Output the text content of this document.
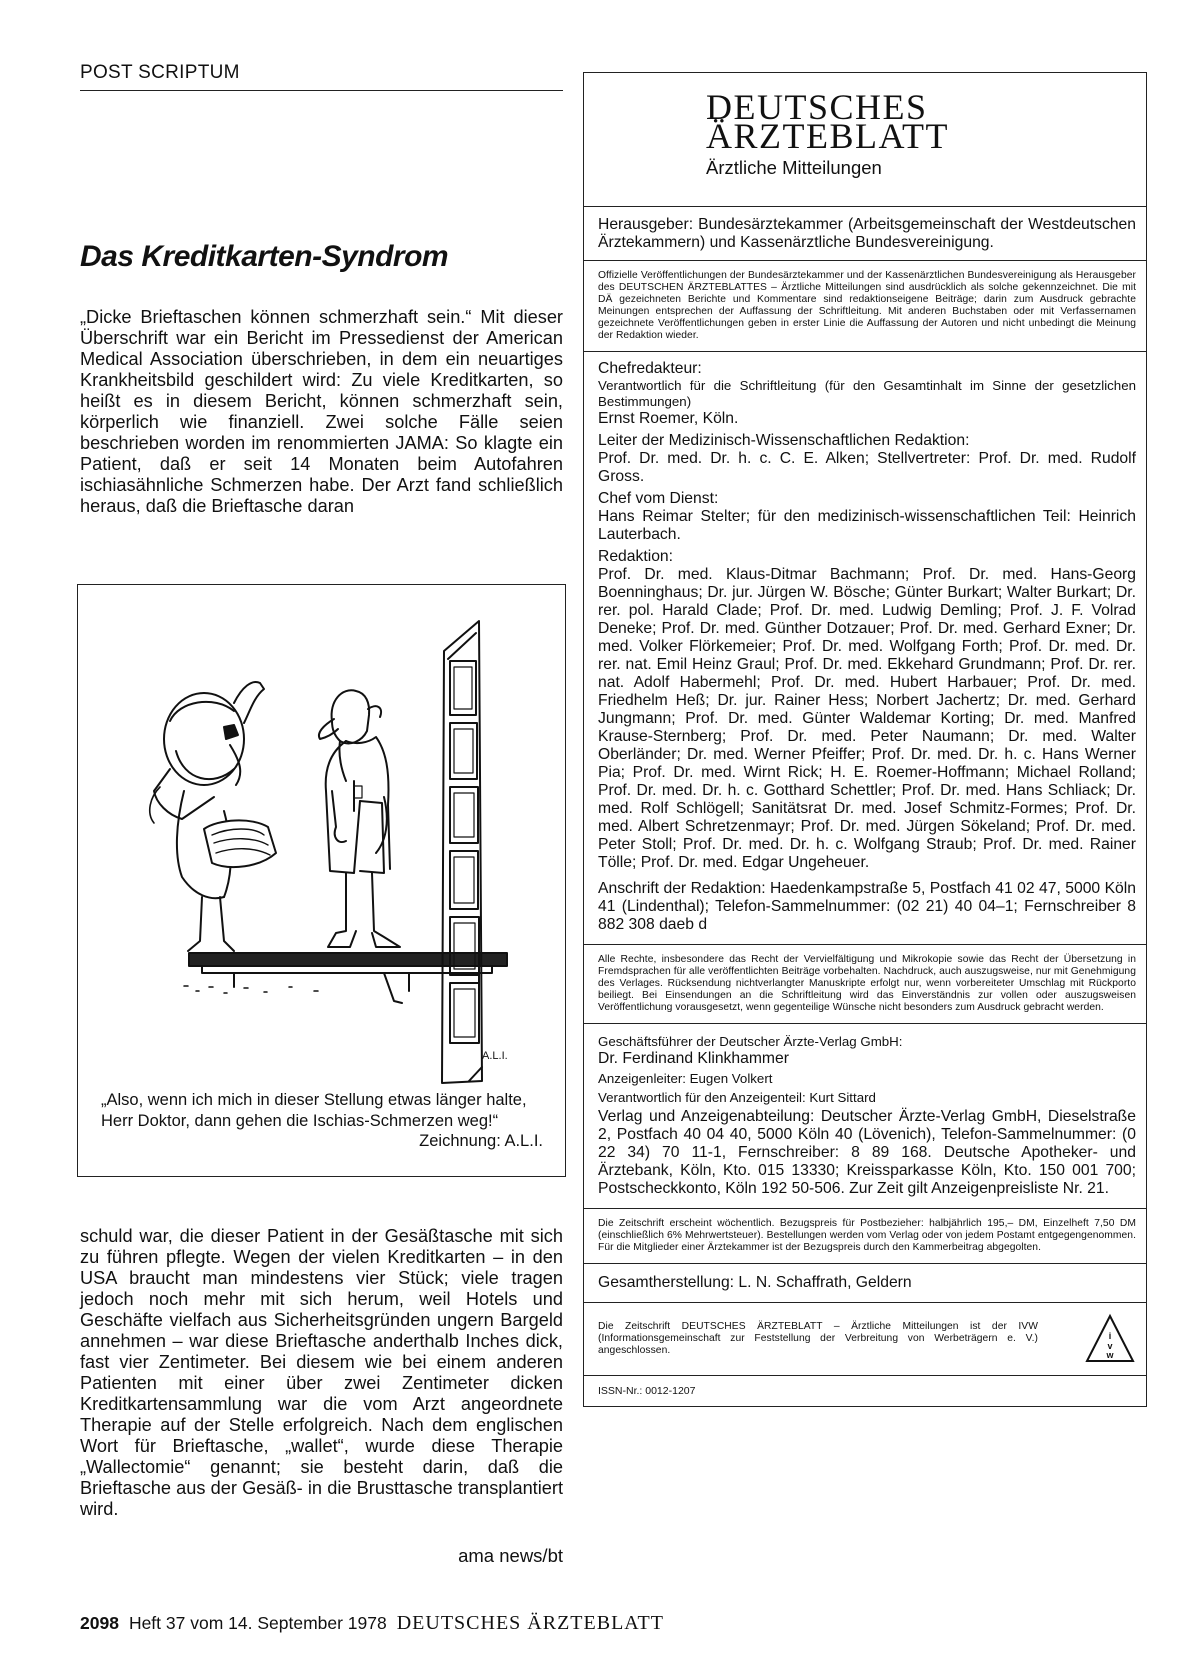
POST SCRIPTUM
Das Kreditkarten-Syndrom
„Dicke Brieftaschen können schmerzhaft sein.“ Mit dieser Überschrift war ein Bericht im Pressedienst der American Medical Association überschrieben, in dem ein neuartiges Krankheitsbild geschildert wird: Zu viele Kreditkarten, so heißt es in diesem Bericht, können schmerzhaft sein, körperlich wie finanziell. Zwei solche Fälle seien beschrieben worden im renommierten JAMA: So klagte ein Patient, daß er seit 14 Monaten beim Autofahren ischiasähnliche Schmerzen habe. Der Arzt fand schließlich heraus, daß die Brieftasche daran
A.L.I.
„Also, wenn ich mich in dieser Stellung etwas länger halte, Herr Doktor, dann gehen die Ischias-Schmerzen weg!“
Zeichnung: A.L.I.
schuld war, die dieser Patient in der Gesäßtasche mit sich zu führen pflegte. Wegen der vielen Kreditkarten – in den USA braucht man mindestens vier Stück; viele tragen jedoch noch mehr mit sich herum, weil Hotels und Geschäfte vielfach aus Sicherheitsgründen ungern Bargeld annehmen – war diese Brieftasche anderthalb Inches dick, fast vier Zentimeter. Bei diesem wie bei einem anderen Patienten mit einer über zwei Zentimeter dicken Kreditkartensammlung war die vom Arzt angeordnete Therapie auf der Stelle erfolgreich. Nach dem englischen Wort für Brieftasche, „wallet“, wurde diese Therapie „Wallectomie“ genannt; sie besteht darin, daß die Brieftasche aus der Gesäß- in die Brusttasche transplantiert wird.
ama news/bt
DEUTSCHES
ÄRZTEBLATT
Ärztliche Mitteilungen
Herausgeber: Bundesärztekammer (Arbeitsgemeinschaft der Westdeutschen Ärztekammern) und Kassenärztliche Bundesvereinigung.
Offizielle Veröffentlichungen der Bundesärztekammer und der Kassenärztlichen Bundesvereinigung als Herausgeber des DEUTSCHEN ÄRZTEBLATTES – Ärztliche Mitteilungen sind ausdrücklich als solche gekennzeichnet. Die mit DÄ gezeichneten Berichte und Kommentare sind redaktionseigene Beiträge; darin zum Ausdruck gebrachte Meinungen entsprechen der Auffassung der Schriftleitung. Mit anderen Buchstaben oder mit Verfassernamen gezeichnete Veröffentlichungen geben in erster Linie die Auffassung der Autoren und nicht unbedingt die Meinung der Redaktion wieder.

Chefredakteur:

Verantwortlich für die Schriftleitung (für den Gesamtinhalt im Sinne der gesetzlichen Bestimmungen)

Ernst Roemer, Köln.

Leiter der Medizinisch-Wissenschaftlichen Redaktion:

Prof. Dr. med. Dr. h. c. C. E. Alken; Stellvertreter: Prof. Dr. med. Rudolf Gross.

Chef vom Dienst:

Hans Reimar Stelter; für den medizinisch-wissenschaftlichen Teil: Heinrich Lauterbach.

Redaktion:

Prof. Dr. med. Klaus-Ditmar Bachmann; Prof. Dr. med. Hans-Georg Boenninghaus; Dr. jur. Jürgen W. Bösche; Günter Burkart; Walter Burkart; Dr. rer. pol. Harald Clade; Prof. Dr. med. Ludwig Demling; Prof. J. F. Volrad Deneke; Prof. Dr. med. Günther Dotzauer; Prof. Dr. med. Gerhard Exner; Dr. med. Volker Flörkemeier; Prof. Dr. med. Wolfgang Forth; Prof. Dr. med. Dr. rer. nat. Emil Heinz Graul; Prof. Dr. med. Ekkehard Grundmann; Prof. Dr. rer. nat. Adolf Habermehl; Prof. Dr. med. Hubert Harbauer; Prof. Dr. med. Friedhelm Heß; Dr. jur. Rainer Hess; Norbert Jachertz; Dr. med. Gerhard Jungmann; Prof. Dr. med. Günter Waldemar Korting; Dr. med. Manfred Krause-Sternberg; Prof. Dr. med. Peter Naumann; Dr. med. Walter Oberländer; Dr. med. Werner Pfeiffer; Prof. Dr. med. Dr. h. c. Hans Werner Pia; Prof. Dr. med. Wirnt Rick; H. E. Roemer-Hoffmann; Michael Rolland; Prof. Dr. med. Dr. h. c. Gotthard Schettler; Prof. Dr. med. Hans Schliack; Dr. med. Rolf Schlögell; Sanitätsrat Dr. med. Josef Schmitz-Formes; Prof. Dr. med. Albert Schretzenmayr; Prof. Dr. med. Jürgen Sökeland; Prof. Dr. med. Peter Stoll; Prof. Dr. med. Dr. h. c. Wolfgang Straub; Prof. Dr. med. Rainer Tölle; Prof. Dr. med. Edgar Ungeheuer.

Anschrift der Redaktion: Haedenkampstraße 5, Postfach 41 02 47, 5000 Köln 41 (Lindenthal); Telefon-Sammelnummer: (02 21) 40 04–1; Fernschreiber 8 882 308 daeb d

Alle Rechte, insbesondere das Recht der Vervielfältigung und Mikrokopie sowie das Recht der Übersetzung in Fremdsprachen für alle veröffentlichten Beiträge vorbehalten. Nachdruck, auch auszugsweise, nur mit Genehmigung des Verlages. Rücksendung nichtverlangter Manuskripte erfolgt nur, wenn vorbereiteter Umschlag mit Rückporto beiliegt. Bei Einsendungen an die Schriftleitung wird das Einverständnis zur vollen oder auszugsweisen Veröffentlichung vorausgesetzt, wenn gegenteilige Wünsche nicht besonders zum Ausdruck gebracht werden.

Geschäftsführer der Deutscher Ärzte-Verlag GmbH:

Dr. Ferdinand Klinkhammer

Anzeigenleiter: Eugen Volkert

Verantwortlich für den Anzeigenteil: Kurt Sittard

Verlag und Anzeigenabteilung: Deutscher Ärzte-Verlag GmbH, Dieselstraße 2, Postfach 40 04 40, 5000 Köln 40 (Lövenich), Telefon-Sammelnummer: (0 22 34) 70 11-1, Fernschreiber: 8 89 168. Deutsche Apotheker- und Ärztebank, Köln, Kto. 015 13330; Kreissparkasse Köln, Kto. 150 001 700; Postscheckkonto, Köln 192 50-506. Zur Zeit gilt Anzeigenpreisliste Nr. 21.

Die Zeitschrift erscheint wöchentlich. Bezugspreis für Postbezieher: halbjährlich 195,– DM, Einzelheft 7,50 DM (einschließlich 6% Mehrwertsteuer). Bestellungen werden vom Verlag oder von jedem Postamt entgegengenommen. Für die Mitglieder einer Ärztekammer ist der Bezugspreis durch den Kammerbeitrag abgegolten.
Gesamtherstellung: L. N. Schaffrath, Geldern
Die Zeitschrift DEUTSCHES ÄRZTEBLATT – Ärztliche Mitteilungen ist der IVW (Informationsgemeinschaft zur Feststellung der Verbreitung von Werbeträgern e. V.) angeschlossen.
i
v
w
ISSN-Nr.: 0012-1207
2098 Heft 37 vom 14. September 1978 DEUTSCHES ÄRZTEBLATT
